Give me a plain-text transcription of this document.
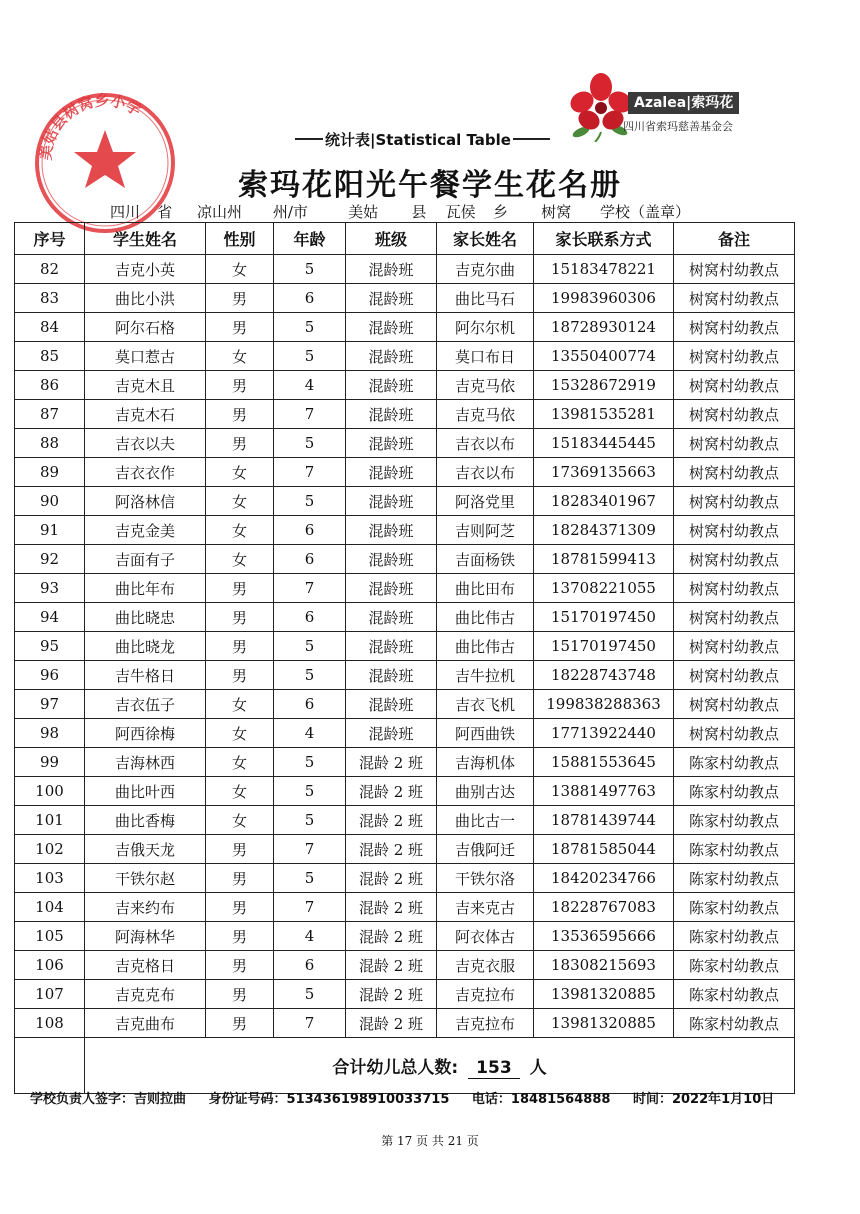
美姑县树窝乡小学	Azalea|索玛花
四川省索玛慈善基金会
统计表|Statistical Table
索玛花阳光午餐学生花名册
四川 省 凉山州 州/市	美姑 县 瓦侯 乡 树窝 学校（盖章）
序号	学生姓名	性别	年龄	班级	家长姓名	家长联系方式	备注
82	吉克小英	女	5	混龄班	吉克尔曲	15183478221	树窝村幼教点
83	曲比小洪	男	6	混龄班	曲比马石	19983960306	树窝村幼教点
84	阿尔石格	男	5	混龄班	阿尔尔机	18728930124	树窝村幼教点
85	莫口惹古	女	5	混龄班	莫口布日	13550400774	树窝村幼教点
86	吉克木且	男	4	混龄班	吉克马依	15328672919	树窝村幼教点
87	吉克木石	男	7	混龄班	吉克马依	13981535281	树窝村幼教点
88	吉衣以夫	男	5	混龄班	吉衣以布	15183445445	树窝村幼教点
89	吉衣衣作	女	7	混龄班	吉衣以布	17369135663	树窝村幼教点
90	阿洛林信	女	5	混龄班	阿洛党里	18283401967	树窝村幼教点
91	吉克金美	女	6	混龄班	吉则阿芝	18284371309	树窝村幼教点
92	吉面有子	女	6	混龄班	吉面杨铁	18781599413	树窝村幼教点
93	曲比年布	男	7	混龄班	曲比田布	13708221055	树窝村幼教点
94	曲比晓忠	男	6	混龄班	曲比伟古	15170197450	树窝村幼教点
95	曲比晓龙	男	5	混龄班	曲比伟古	15170197450	树窝村幼教点
96	吉牛格日	男	5	混龄班	吉牛拉机	18228743748	树窝村幼教点
97	吉衣伍子	女	6	混龄班	吉衣飞机	199838288363	树窝村幼教点
98	阿西徐梅	女	4	混龄班	阿西曲铁	17713922440	树窝村幼教点
99	吉海林西	女	5	混龄 2 班	吉海机体	15881553645	陈家村幼教点
100	曲比叶西	女	5	混龄 2 班	曲别古达	13881497763	陈家村幼教点
101	曲比香梅	女	5	混龄 2 班	曲比古一	18781439744	陈家村幼教点
102	吉俄天龙	男	7	混龄 2 班	吉俄阿迁	18781585044	陈家村幼教点
103	干铁尔赵	男	5	混龄 2 班	干铁尔洛	18420234766	陈家村幼教点
104	吉来约布	男	7	混龄 2 班	吉来克古	18228767083	陈家村幼教点
105	阿海林华	男	4	混龄 2 班	阿衣体古	13536595666	陈家村幼教点
106	吉克格日	男	6	混龄 2 班	吉克衣服	18308215693	陈家村幼教点
107	吉克克布	男	5	混龄 2 班	吉克拉布	13981320885	陈家村幼教点
108	吉克曲布	男	7	混龄 2 班	吉克拉布	13981320885	陈家村幼教点
	合计幼儿总人数: 153 人						
学校负责人签字：吉则拉曲 身份证号码：513436198910033715 电话：18481564888 时间：2022年1月10日
第 17 页 共 21 页
